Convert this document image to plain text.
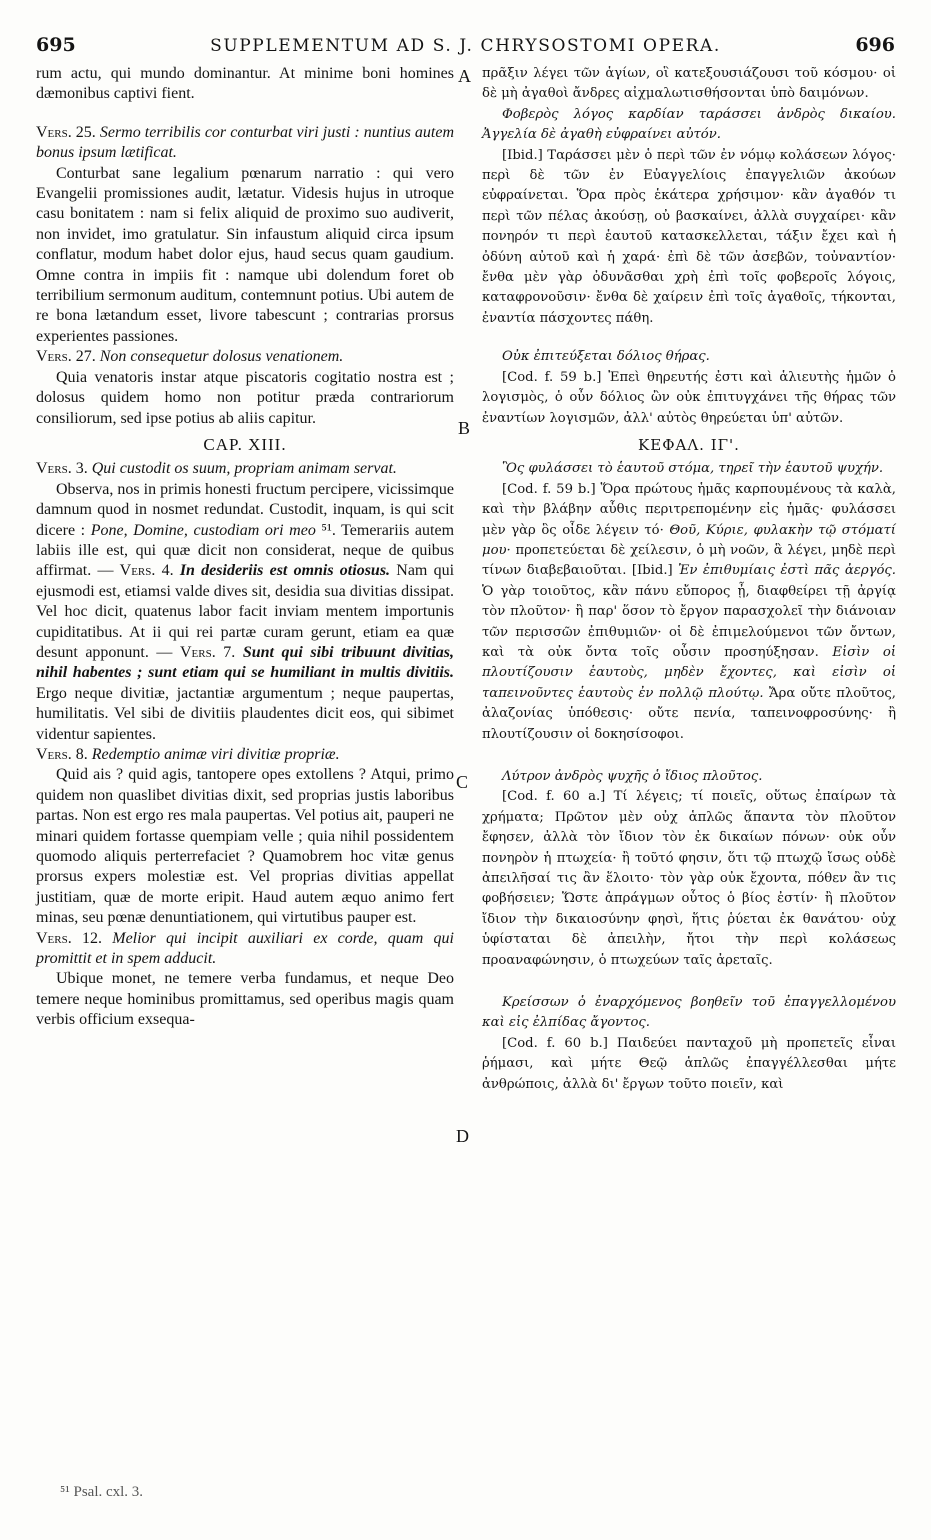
695	SUPPLEMENTUM AD S. J. CHRYSOSTOMI OPERA.	696
A
B
C
D

rum actu, qui mundo dominantur. At minime boni homines dæmonibus captivi fient.

Vers. 25. Sermo terribilis cor conturbat viri justi : nuntius autem bonus ipsum lætificat.

Conturbat sane legalium pœnarum narratio : qui vero Evangelii promissiones audit, lætatur. Videsis hujus in utroque casu bonitatem : nam si felix aliquid de proximo suo audiverit, non invidet, imo gratulatur. Sin infaustum aliquid circa ipsum conflatur, modum habet dolor ejus, haud secus quam gaudium. Omne contra in impiis fit : namque ubi dolendum foret ob terribilium sermonum auditum, contemnunt potius. Ubi autem de re bona lætandum esset, livore tabescunt ; contrarias prorsus experientes passiones.

Vers. 27. Non consequetur dolosus venationem.

Quia venatoris instar atque piscatoris cogitatio nostra est ; dolosus quidem homo non potitur præda contrariorum consiliorum, sed ipse potius ab aliis capitur.

CAP. XIII.

Vers. 3. Qui custodit os suum, propriam animam servat.

Observa, nos in primis honesti fructum percipere, vicissimque damnum quod in nosmet redundat. Custodit, inquam, is qui scit dicere : Pone, Domine, custodiam ori meo ⁵¹. Temerariis autem labiis ille est, qui quæ dicit non considerat, neque de quibus affirmat. — Vers. 4. In desideriis est omnis otiosus. Nam qui ejusmodi est, etiamsi valde dives sit, desidia sua divitias dissipat. Vel hoc dicit, quatenus labor facit inviam mentem importunis cupiditatibus. At ii qui rei partæ curam gerunt, etiam ea quæ desunt apponunt. — Vers. 7. Sunt qui sibi tribuunt divitias, nihil habentes ; sunt etiam qui se humiliant in multis divitiis. Ergo neque divitiæ, jactantiæ argumentum ; neque paupertas, humilitatis. Vel sibi de divitiis plaudentes dicit eos, qui sibimet videntur sapientes.

Vers. 8. Redemptio animæ viri divitiæ propriæ.

Quid ais ? quid agis, tantopere opes extollens ? Atqui, primo quidem non quaslibet divitias dixit, sed proprias justis laboribus partas. Non est ergo res mala paupertas. Vel potius ait, pauperi ne minari quidem fortasse quempiam velle ; quia nihil possidentem quomodo aliquis perterrefaciet ? Quamobrem hoc vitæ genus prorsus expers molestiæ est. Vel proprias divitias appellat justitiam, quæ de morte eripit. Haud autem æquo animo fert minas, seu pœnæ denuntiationem, qui virtutibus pauper est.

Vers. 12. Melior qui incipit auxiliari ex corde, quam qui promittit et in spem adducit.

Ubique monet, ne temere verba fundamus, et neque Deo temere neque hominibus promittamus, sed operibus magis quam verbis officium exsequa-

πρᾶξιν λέγει τῶν ἁγίων, οἳ κατεξουσιάζουσι τοῦ κόσμου· οἱ δὲ μὴ ἀγαθοὶ ἄνδρες αἰχμαλωτισθήσονται ὑπὸ δαιμόνων.

Φοβερὸς λόγος καρδίαν ταράσσει ἀνδρὸς δικαίου. Ἀγγελία δὲ ἀγαθὴ εὐφραίνει αὐτόν.

[Ibid.] Ταράσσει μὲν ὁ περὶ τῶν ἐν νόμῳ κολάσεων λόγος· περὶ δὲ τῶν ἐν Εὐαγγελίοις ἐπαγγελιῶν ἀκούων εὐφραίνεται. Ὅρα πρὸς ἑκάτερα χρήσιμον· κἂν ἀγαθόν τι περὶ τῶν πέλας ἀκούσῃ, οὐ βασκαίνει, ἀλλὰ συγχαίρει· κἂν πονηρόν τι περὶ ἑαυτοῦ κατασκελλεται, τάξιν ἔχει καὶ ἡ ὀδύνη αὐτοῦ καὶ ἡ χαρά· ἐπὶ δὲ τῶν ἀσεβῶν, τοὐναντίον· ἔνθα μὲν γὰρ ὀδυνᾶσθαι χρὴ ἐπὶ τοῖς φοβεροῖς λόγοις, καταφρονοῦσιν· ἔνθα δὲ χαίρειν ἐπὶ τοῖς ἀγαθοῖς, τήκονται, ἐναντία πάσχοντες πάθη.

Οὐκ ἐπιτεύξεται δόλιος θήρας.

[Cod. f. 59 b.] Ἐπεὶ θηρευτής ἐστι καὶ ἁλιευτὴς ἡμῶν ὁ λογισμὸς, ὁ οὖν δόλιος ὢν οὐκ ἐπιτυγχάνει τῆς θήρας τῶν ἐναντίων λογισμῶν, ἀλλ' αὐτὸς θηρεύεται ὑπ' αὐτῶν.

ΚΕΦΑΛ. ΙΓ'.

Ὃς φυλάσσει τὸ ἑαυτοῦ στόμα, τηρεῖ τὴν ἑαυτοῦ ψυχήν.

[Cod. f. 59 b.] Ὅρα πρώτους ἡμᾶς καρπουμένους τὰ καλὰ, καὶ τὴν βλάβην αὖθις περιτρεπομένην εἰς ἡμᾶς· φυλάσσει μὲν γὰρ ὃς οἶδε λέγειν τό· Θοῦ, Κύριε, φυλακὴν τῷ στόματί μου· προπετεύεται δὲ χείλεσιν, ὁ μὴ νοῶν, ἃ λέγει, μηδὲ περὶ τίνων διαβεβαιοῦται. [Ibid.] Ἐν ἐπιθυμίαις ἐστὶ πᾶς ἀεργός. Ὁ γὰρ τοιοῦτος, κἂν πάνυ εὔπορος ᾖ, διαφθείρει τῇ ἀργίᾳ τὸν πλοῦτον· ἢ παρ' ὅσον τὸ ἔργον παρασχολεῖ τὴν διάνοιαν τῶν περισσῶν ἐπιθυμιῶν· οἱ δὲ ἐπιμελούμενοι τῶν ὄντων, καὶ τὰ οὐκ ὄντα τοῖς οὖσιν προσηύξησαν. Εἰσὶν οἱ πλουτίζουσιν ἑαυτοὺς, μηδὲν ἔχοντες, καὶ εἰσὶν οἱ ταπεινοῦντες ἑαυτοὺς ἐν πολλῷ πλούτῳ. Ἄρα οὔτε πλοῦτος, ἀλαζονίας ὑπόθεσις· οὔτε πενία, ταπεινοφροσύνης· ἢ πλουτίζουσιν οἱ δοκησίσοφοι.

Λύτρον ἀνδρὸς ψυχῆς ὁ ἴδιος πλοῦτος.

[Cod. f. 60 a.] Τί λέγεις; τί ποιεῖς, οὕτως ἐπαίρων τὰ χρήματα; Πρῶτον μὲν οὐχ ἁπλῶς ἅπαντα τὸν πλοῦτον ἔφησεν, ἀλλὰ τὸν ἴδιον τὸν ἐκ δικαίων πόνων· οὐκ οὖν πονηρὸν ἡ πτωχεία· ἢ τοῦτό φησιν, ὅτι τῷ πτωχῷ ἴσως οὐδὲ ἀπειλῆσαί τις ἂν ἕλοιτο· τὸν γὰρ οὐκ ἔχοντα, πόθεν ἂν τις φοβήσειεν; Ὥστε ἀπράγμων οὗτος ὁ βίος ἐστίν· ἢ πλοῦτον ἴδιον τὴν δικαιοσύνην φησὶ, ἥτις ῥύεται ἐκ θανάτου· οὐχ ὑφίσταται δὲ ἀπειλὴν, ἤτοι τὴν περὶ κολάσεως προαναφώνησιν, ὁ πτωχεύων ταῖς ἀρεταῖς.

Κρείσσων ὁ ἐναρχόμενος βοηθεῖν τοῦ ἐπαγγελλομένου καὶ εἰς ἐλπίδας ἄγοντος.

[Cod. f. 60 b.] Παιδεύει πανταχοῦ μὴ προπετεῖς εἶναι ῥήμασι, καὶ μήτε Θεῷ ἁπλῶς ἐπαγγέλλεσθαι μήτε ἀνθρώποις, ἀλλὰ δι' ἔργων τοῦτο ποιεῖν, καὶ

⁵¹ Psal. cxl. 3.
